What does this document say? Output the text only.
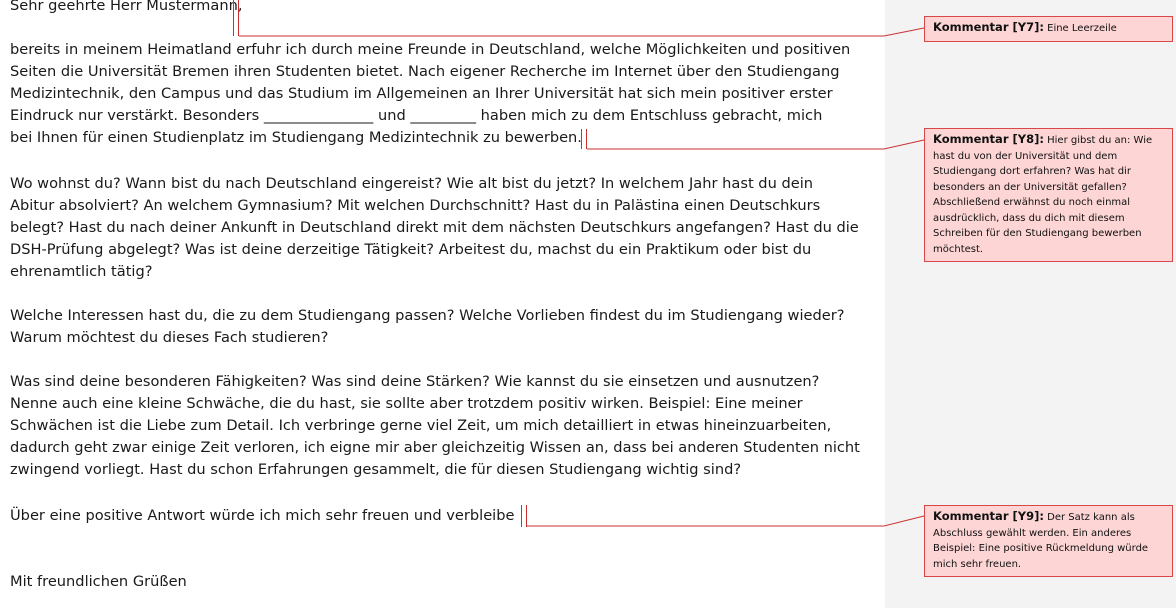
Sehr geehrte Herr Mustermann,
bereits in meinem Heimatland erfuhr ich durch meine Freunde in Deutschland, welche Möglichkeiten und positiven
Seiten die Universität Bremen ihren Studenten bietet. Nach eigener Recherche im Internet über den Studiengang
Medizintechnik, den Campus und das Studium im Allgemeinen an Ihrer Universität hat sich mein positiver erster
Eindruck nur verstärkt. Besonders _______________ und _________ haben mich zu dem Entschluss gebracht, mich
bei Ihnen für einen Studienplatz im Studiengang Medizintechnik zu bewerben.
Wo wohnst du? Wann bist du nach Deutschland eingereist? Wie alt bist du jetzt? In welchem Jahr hast du dein
Abitur absolviert? An welchem Gymnasium? Mit welchen Durchschnitt? Hast du in Palästina einen Deutschkurs
belegt? Hast du nach deiner Ankunft in Deutschland direkt mit dem nächsten Deutschkurs angefangen? Hast du die
DSH-Prüfung abgelegt? Was ist deine derzeitige Tätigkeit? Arbeitest du, machst du ein Praktikum oder bist du
ehrenamtlich tätig?
Welche Interessen hast du, die zu dem Studiengang passen? Welche Vorlieben findest du im Studiengang wieder?
Warum möchtest du dieses Fach studieren?
Was sind deine besonderen Fähigkeiten? Was sind deine Stärken? Wie kannst du sie einsetzen und ausnutzen?
Nenne auch eine kleine Schwäche, die du hast, sie sollte aber trotzdem positiv wirken. Beispiel: Eine meiner
Schwächen ist die Liebe zum Detail. Ich verbringe gerne viel Zeit, um mich detailliert in etwas hineinzuarbeiten,
dadurch geht zwar einige Zeit verloren, ich eigne mir aber gleichzeitig Wissen an, dass bei anderen Studenten nicht
zwingend vorliegt. Hast du schon Erfahrungen gesammelt, die für diesen Studiengang wichtig sind?
Über eine positive Antwort würde ich mich sehr freuen und verbleibe
Mit freundlichen Grüßen
Kommentar [Y7]: Eine Leerzeile
Kommentar [Y8]: Hier gibst du an: Wie hast du von der Universität und dem Studiengang dort erfahren? Was hat dir besonders an der Universität gefallen? Abschließend erwähnst du noch einmal ausdrücklich, dass du dich mit diesem Schreiben für den Studiengang bewerben möchtest.
Kommentar [Y9]: Der Satz kann als Abschluss gewählt werden. Ein anderes Beispiel: Eine positive Rückmeldung würde mich sehr freuen.
